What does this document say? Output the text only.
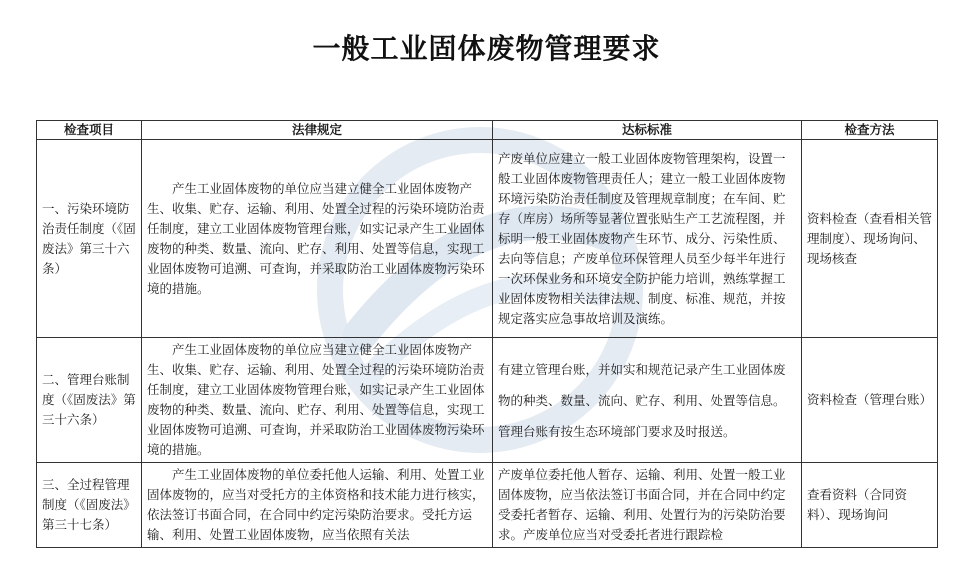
一般工业固体废物管理要求
检查项目	法律规定	达标标准	检查方法
一、污染环境防治责任制度（《固废法》第三十六条）	产生工业固体废物的单位应当建立健全工业固体废物产生、收集、贮存、运输、利用、处置全过程的污染环境防治责任制度，建立工业固体废物管理台账，如实记录产生工业固体废物的种类、数量、流向、贮存、利用、处置等信息，实现工业固体废物可追溯、可查询，并采取防治工业固体废物污染环境的措施。	产废单位应建立一般工业固体废物管理架构，设置一般工业固体废物管理责任人；建立一般工业固体废物环境污染防治责任制度及管理规章制度；在车间、贮存（库房）场所等显著位置张贴生产工艺流程图，并标明一般工业固体废物产生环节、成分、污染性质、去向等信息；产废单位环保管理人员至少每半年进行一次环保业务和环境安全防护能力培训，熟练掌握工业固体废物相关法律法规、制度、标准、规范，并按规定落实应急事故培训及演练。	资料检查（查看相关管理制度）、现场询问、现场核查
二、管理台账制度（《固废法》第三十六条）	产生工业固体废物的单位应当建立健全工业固体废物产生、收集、贮存、运输、利用、处置全过程的污染环境防治责任制度，建立工业固体废物管理台账，如实记录产生工业固体废物的种类、数量、流向、贮存、利用、处置等信息，实现工业固体废物可追溯、可查询，并采取防治工业固体废物污染环境的措施。	有建立管理台账，并如实和规范记录产生工业固体废物的种类、数量、流向、贮存、利用、处置等信息。管理台账有按生态环境部门要求及时报送。	资料检查（管理台账）
三、全过程管理制度（《固废法》第三十七条）	产生工业固体废物的单位委托他人运输、利用、处置工业固体废物的，应当对受托方的主体资格和技术能力进行核实，依法签订书面合同，在合同中约定污染防治要求。受托方运输、利用、处置工业固体废物，应当依照有关法	产废单位委托他人暂存、运输、利用、处置一般工业固体废物，应当依法签订书面合同，并在合同中约定受委托者暂存、运输、利用、处置行为的污染防治要求。产废单位应当对受委托者进行跟踪检	查看资料（合同资料）、现场询问
